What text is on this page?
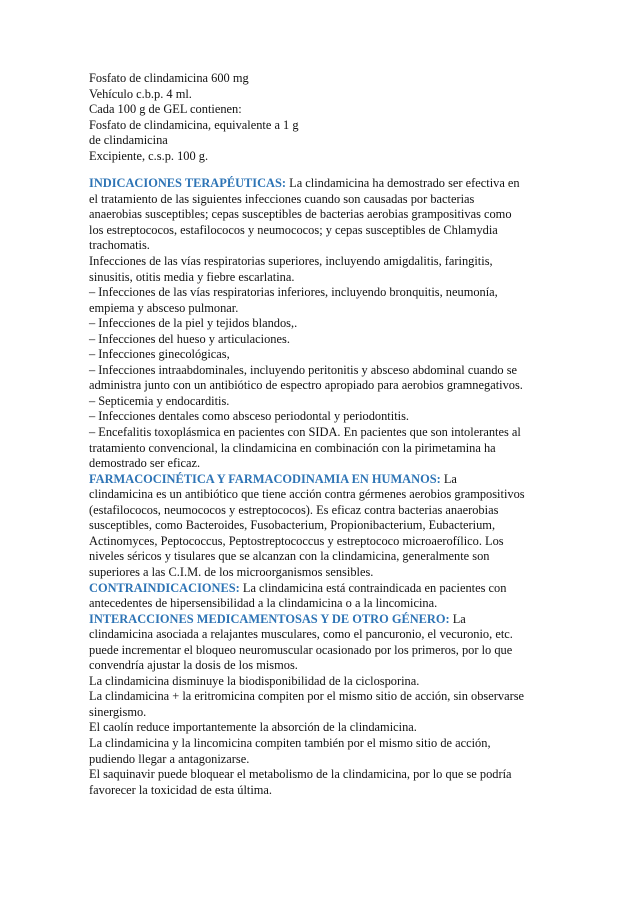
Fosfato de clindamicina 600 mg
Vehículo c.b.p. 4 ml.
Cada 100 g de GEL contienen:
Fosfato de clindamicina, equivalente a 1 g
de clindamicina
Excipiente, c.s.p. 100 g.
INDICACIONES TERAPÉUTICAS: La clindamicina ha demostrado ser efectiva en
el tratamiento de las siguientes infecciones cuando son causadas por bacterias
anaerobias susceptibles; cepas susceptibles de bacterias aerobias grampositivas como
los estreptococos, estafilococos y neumococos; y cepas susceptibles de Chlamydia
trachomatis.
Infecciones de las vías respiratorias superiores, incluyendo amigdalitis, faringitis,
sinusitis, otitis media y fiebre escarlatina.
– Infecciones de las vías respiratorias inferiores, incluyendo bronquitis, neumonía,
empiema y absceso pulmonar.
– Infecciones de la piel y tejidos blandos,.
– Infecciones del hueso y articulaciones.
– Infecciones ginecológicas,
– Infecciones intraabdominales, incluyendo peritonitis y absceso abdominal cuando se
administra junto con un antibiótico de espectro apropiado para aerobios gramnegativos.
– Septicemia y endocarditis.
– Infecciones dentales como absceso periodontal y periodontitis.
– Encefalitis toxoplásmica en pacientes con SIDA. En pacientes que son intolerantes al
tratamiento convencional, la clindamicina en combinación con la pirimetamina ha
demostrado ser eficaz.
FARMACOCINÉTICA Y FARMACODINAMIA EN HUMANOS: La
clindamicina es un antibiótico que tiene acción contra gérmenes aerobios grampositivos
(estafilococos, neumococos y estreptococos). Es eficaz contra bacterias anaerobias
susceptibles, como Bacteroides, Fusobacterium, Propionibacterium, Eubacterium,
Actinomyces, Peptococcus, Peptostreptococcus y estreptococo microaerofílico. Los
niveles séricos y tisulares que se alcanzan con la clindamicina, generalmente son
superiores a las C.I.M. de los microorganismos sensibles.
CONTRAINDICACIONES: La clindamicina está contraindicada en pacientes con
antecedentes de hipersensibilidad a la clindamicina o a la lincomicina.
INTERACCIONES MEDICAMENTOSAS Y DE OTRO GÉNERO: La
clindamicina asociada a relajantes musculares, como el pancuronio, el vecuronio, etc.
puede incrementar el bloqueo neuromuscular ocasionado por los primeros, por lo que
convendría ajustar la dosis de los mismos.
La clindamicina disminuye la biodisponibilidad de la ciclosporina.
La clindamicina + la eritromicina compiten por el mismo sitio de acción, sin observarse
sinergismo.
El caolín reduce importantemente la absorción de la clindamicina.
La clindamicina y la lincomicina compiten también por el mismo sitio de acción,
pudiendo llegar a antagonizarse.
El saquinavir puede bloquear el metabolismo de la clindamicina, por lo que se podría
favorecer la toxicidad de esta última.
